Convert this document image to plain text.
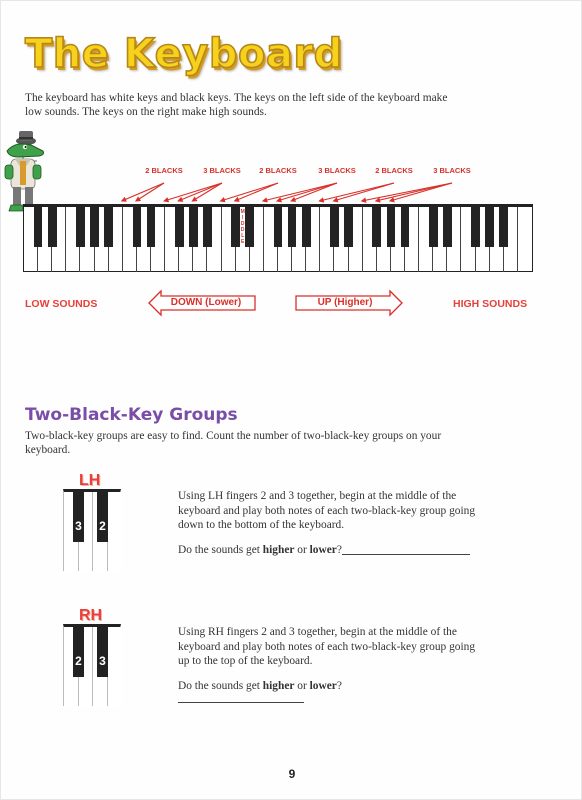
The Keyboard
The keyboard has white keys and black keys. The keys on the left side of the keyboard make low sounds. The keys on the right make high sounds.
2 BLACKS	3 BLACKS 2 BLACKS	3 BLACKS	2 BLACKS	3 BLACKS
M
I
D
D
L
E
LOW SOUNDS	DOWN (Lower)	UP (Higher)	HIGH SOUNDS
Two-Black-Key Groups
Two-black-key groups are easy to find. Count the number of two-black-key groups on your keyboard.
LH
3 2
Using LH fingers 2 and 3 together, begin at the middle of the keyboard and play both notes of each two-black-key group going down to the bottom of the keyboard.
Do the sounds get higher or lower?
RH
2 3
Using RH fingers 2 and 3 together, begin at the middle of the keyboard and play both notes of each two-black-key group going up to the top of the keyboard.
Do the sounds get higher or lower?
9
